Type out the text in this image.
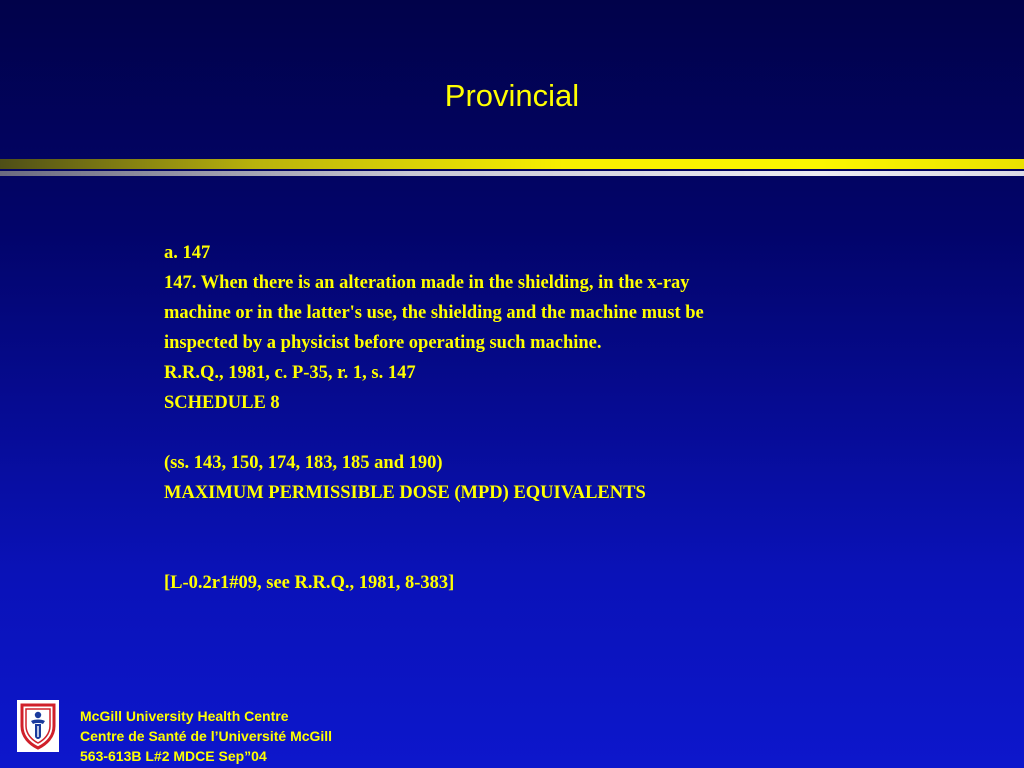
Provincial
a. 147
147. When there is an alteration made in the shielding, in the x-ray
machine or in the latter's use, the shielding and the machine must be
inspected by a physicist before operating such machine.
R.R.Q., 1981, c. P-35, r. 1, s. 147
SCHEDULE 8
(ss. 143, 150, 174, 183, 185 and 190)
MAXIMUM PERMISSIBLE DOSE (MPD) EQUIVALENTS
[L-0.2r1#09, see R.R.Q., 1981, 8-383]
McGill University Health Centre
Centre de Santé de l’Université McGill
563-613B L#2 MDCE Sep”04
